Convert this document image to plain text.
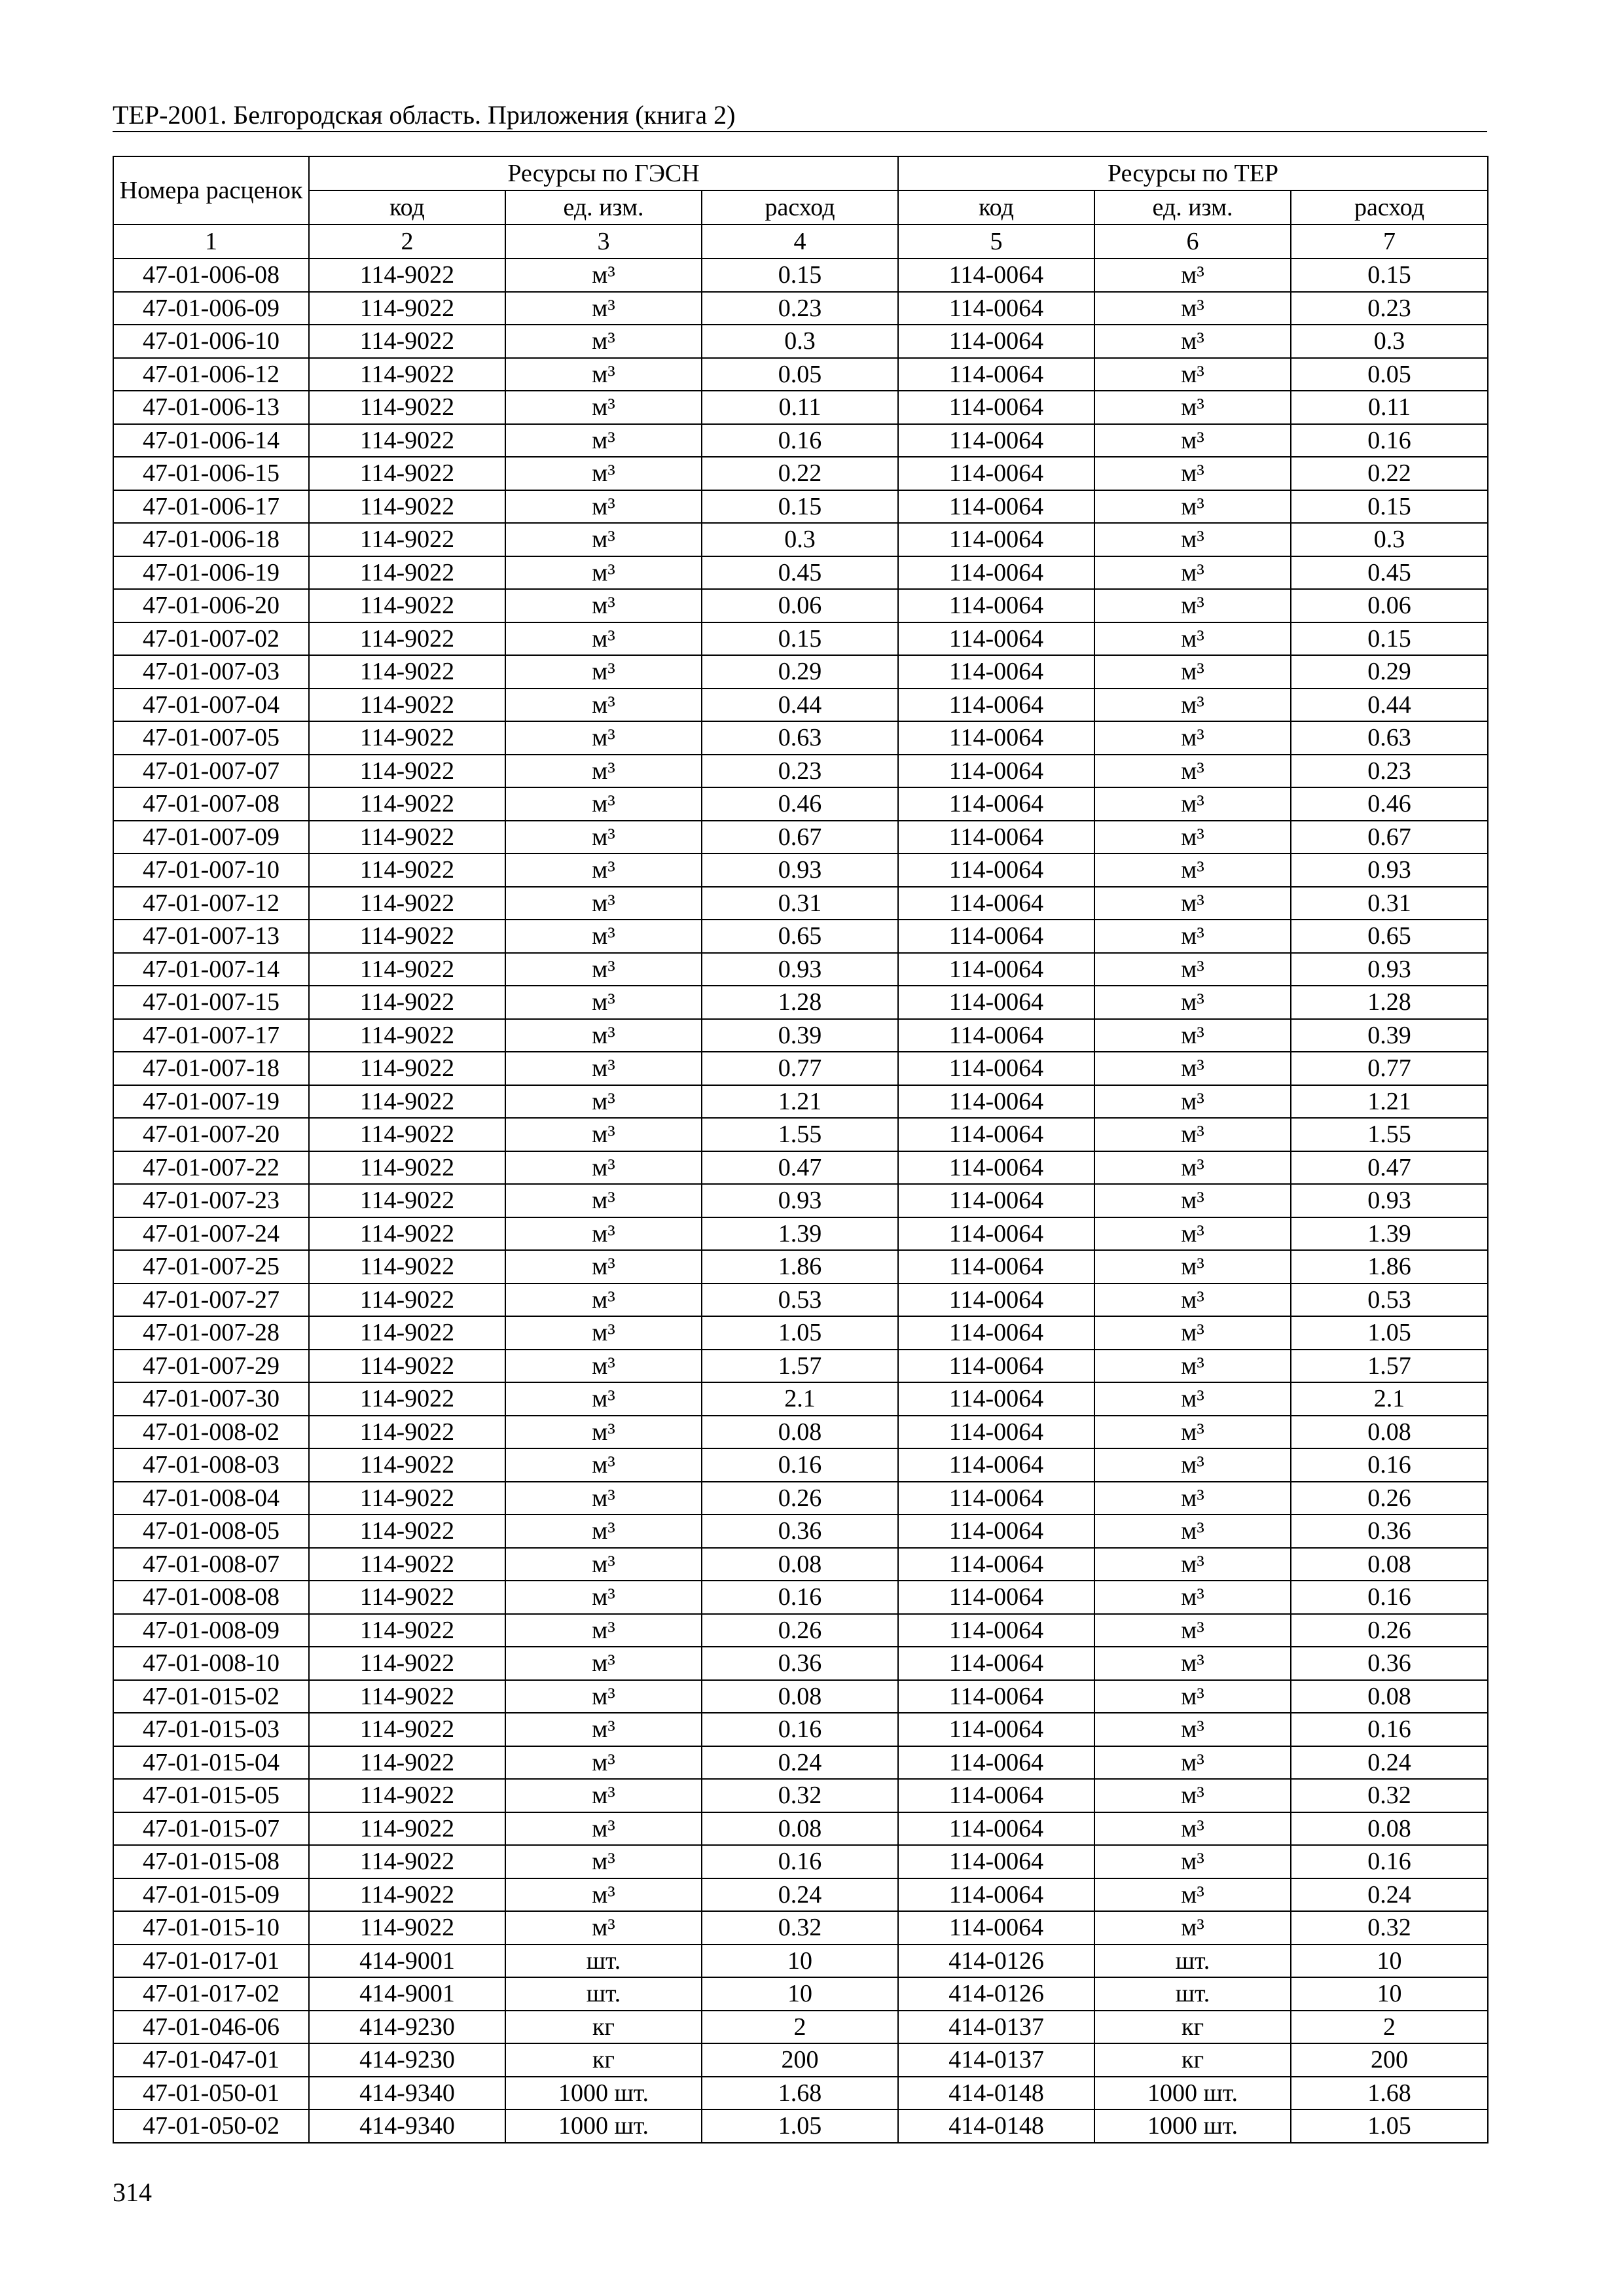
ТЕР-2001. Белгородская область. Приложения (книга 2)
Номера расценок	Ресурсы по ГЭСН			Ресурсы по ТЕР		
	код	ед. изм.	расход	код	ед. изм.	расход
1	2	3	4	5	6	7
47-01-006-08	114-9022	м³	0.15	114-0064	м³	0.15
47-01-006-09	114-9022	м³	0.23	114-0064	м³	0.23
47-01-006-10	114-9022	м³	0.3	114-0064	м³	0.3
47-01-006-12	114-9022	м³	0.05	114-0064	м³	0.05
47-01-006-13	114-9022	м³	0.11	114-0064	м³	0.11
47-01-006-14	114-9022	м³	0.16	114-0064	м³	0.16
47-01-006-15	114-9022	м³	0.22	114-0064	м³	0.22
47-01-006-17	114-9022	м³	0.15	114-0064	м³	0.15
47-01-006-18	114-9022	м³	0.3	114-0064	м³	0.3
47-01-006-19	114-9022	м³	0.45	114-0064	м³	0.45
47-01-006-20	114-9022	м³	0.06	114-0064	м³	0.06
47-01-007-02	114-9022	м³	0.15	114-0064	м³	0.15
47-01-007-03	114-9022	м³	0.29	114-0064	м³	0.29
47-01-007-04	114-9022	м³	0.44	114-0064	м³	0.44
47-01-007-05	114-9022	м³	0.63	114-0064	м³	0.63
47-01-007-07	114-9022	м³	0.23	114-0064	м³	0.23
47-01-007-08	114-9022	м³	0.46	114-0064	м³	0.46
47-01-007-09	114-9022	м³	0.67	114-0064	м³	0.67
47-01-007-10	114-9022	м³	0.93	114-0064	м³	0.93
47-01-007-12	114-9022	м³	0.31	114-0064	м³	0.31
47-01-007-13	114-9022	м³	0.65	114-0064	м³	0.65
47-01-007-14	114-9022	м³	0.93	114-0064	м³	0.93
47-01-007-15	114-9022	м³	1.28	114-0064	м³	1.28
47-01-007-17	114-9022	м³	0.39	114-0064	м³	0.39
47-01-007-18	114-9022	м³	0.77	114-0064	м³	0.77
47-01-007-19	114-9022	м³	1.21	114-0064	м³	1.21
47-01-007-20	114-9022	м³	1.55	114-0064	м³	1.55
47-01-007-22	114-9022	м³	0.47	114-0064	м³	0.47
47-01-007-23	114-9022	м³	0.93	114-0064	м³	0.93
47-01-007-24	114-9022	м³	1.39	114-0064	м³	1.39
47-01-007-25	114-9022	м³	1.86	114-0064	м³	1.86
47-01-007-27	114-9022	м³	0.53	114-0064	м³	0.53
47-01-007-28	114-9022	м³	1.05	114-0064	м³	1.05
47-01-007-29	114-9022	м³	1.57	114-0064	м³	1.57
47-01-007-30	114-9022	м³	2.1	114-0064	м³	2.1
47-01-008-02	114-9022	м³	0.08	114-0064	м³	0.08
47-01-008-03	114-9022	м³	0.16	114-0064	м³	0.16
47-01-008-04	114-9022	м³	0.26	114-0064	м³	0.26
47-01-008-05	114-9022	м³	0.36	114-0064	м³	0.36
47-01-008-07	114-9022	м³	0.08	114-0064	м³	0.08
47-01-008-08	114-9022	м³	0.16	114-0064	м³	0.16
47-01-008-09	114-9022	м³	0.26	114-0064	м³	0.26
47-01-008-10	114-9022	м³	0.36	114-0064	м³	0.36
47-01-015-02	114-9022	м³	0.08	114-0064	м³	0.08
47-01-015-03	114-9022	м³	0.16	114-0064	м³	0.16
47-01-015-04	114-9022	м³	0.24	114-0064	м³	0.24
47-01-015-05	114-9022	м³	0.32	114-0064	м³	0.32
47-01-015-07	114-9022	м³	0.08	114-0064	м³	0.08
47-01-015-08	114-9022	м³	0.16	114-0064	м³	0.16
47-01-015-09	114-9022	м³	0.24	114-0064	м³	0.24
47-01-015-10	114-9022	м³	0.32	114-0064	м³	0.32
47-01-017-01	414-9001	шт.	10	414-0126	шт.	10
47-01-017-02	414-9001	шт.	10	414-0126	шт.	10
47-01-046-06	414-9230	кг	2	414-0137	кг	2
47-01-047-01	414-9230	кг	200	414-0137	кг	200
47-01-050-01	414-9340	1000 шт.	1.68	414-0148	1000 шт.	1.68
47-01-050-02	414-9340	1000 шт.	1.05	414-0148	1000 шт.	1.05
314
